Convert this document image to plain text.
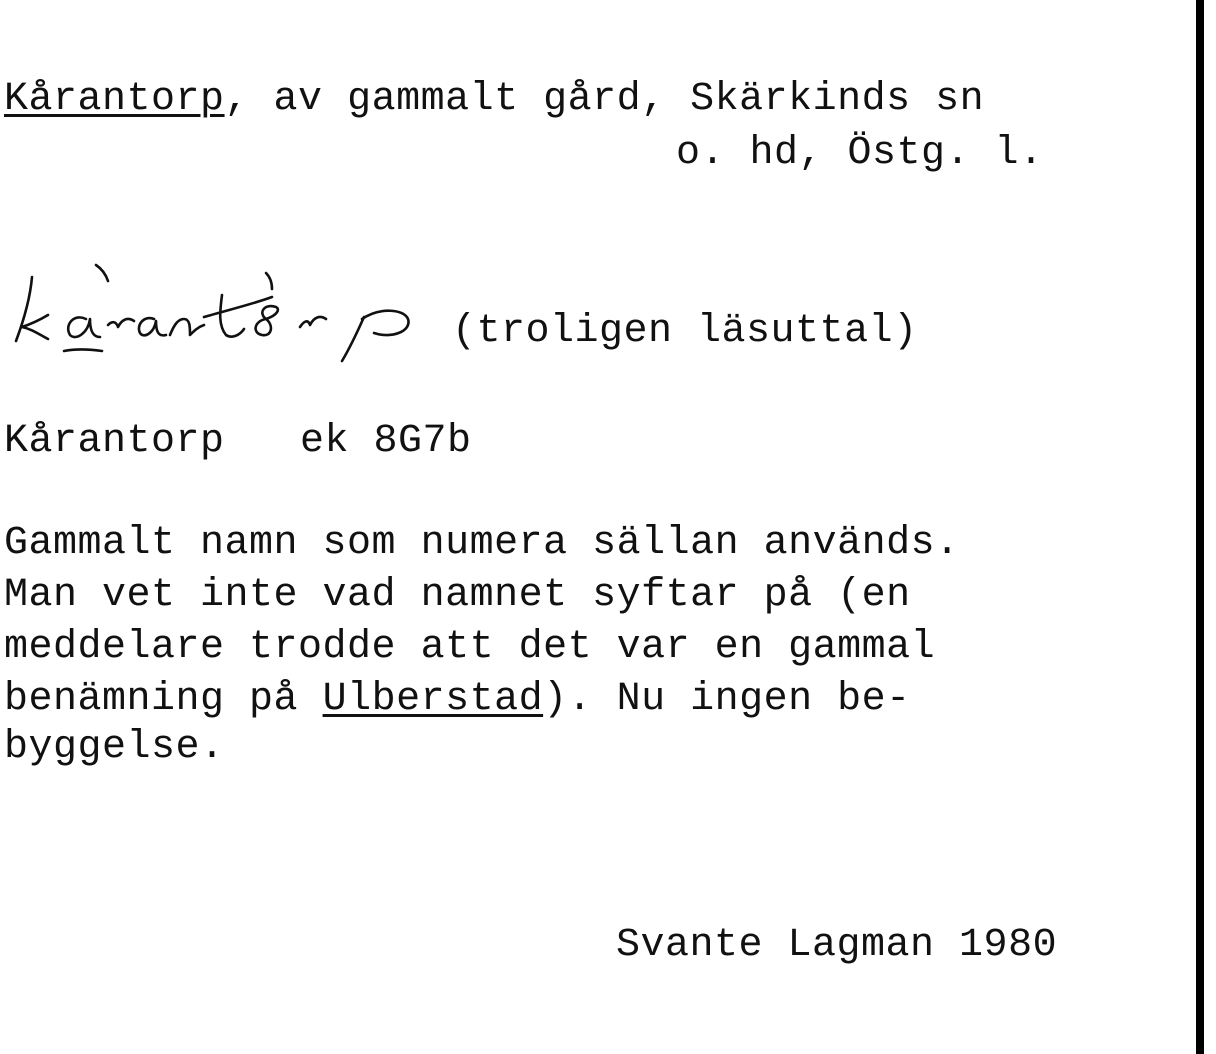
Kårantorp, av gammalt gård, Skärkinds sn
o. hd, Östg. l.
(troligen läsuttal)
Kårantorp ek 8G7b
Gammalt namn som numera sällan används.
Man vet inte vad namnet syftar på (en
meddelare trodde att det var en gammal
benämning på Ulberstad). Nu ingen be-
byggelse.
Svante Lagman 1980
